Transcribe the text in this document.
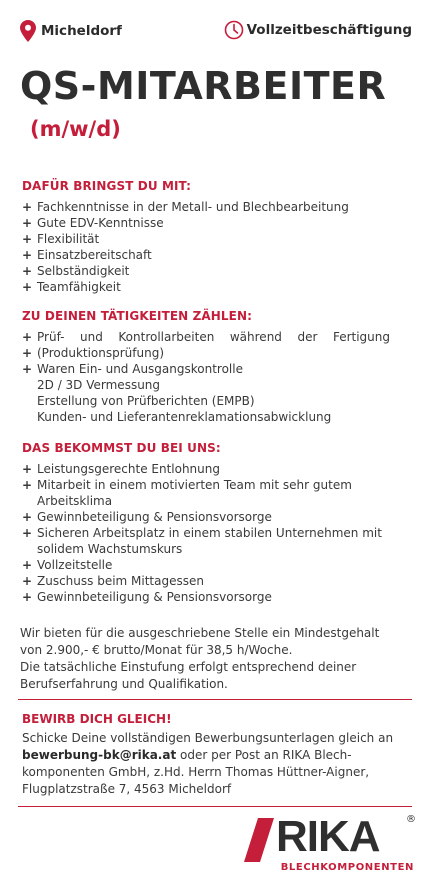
Micheldorf	Vollzeitbeschäftigung
QS-MITARBEITER
(m/w/d)
DAFÜR BRINGST DU MIT:
+ Fachkenntnisse in der Metall- und Blechbearbeitung
+ Gute EDV-Kenntnisse
+ Flexibilität
+ Einsatzbereitschaft
+ Selbständigkeit
+ Teamfähigkeit
ZU DEINEN TÄTIGKEITEN ZÄHLEN:
+ Prüf- und Kontrollarbeiten während der Fertigung
+ (Produktionsprüfung)
+ Waren Ein- und Ausgangskontrolle
2D / 3D Vermessung
Erstellung von Prüfberichten (EMPB)
Kunden- und Lieferantenreklamationsabwicklung
DAS BEKOMMST DU BEI UNS:
+ Leistungsgerechte Entlohnung
+ Mitarbeit in einem motivierten Team mit sehr gutem Arbeitsklima
+ Gewinnbeteiligung & Pensionsvorsorge
+ Sicheren Arbeitsplatz in einem stabilen Unternehmen mit solidem Wachstumskurs
+ Vollzeitstelle
+ Zuschuss beim Mittagessen
+ Gewinnbeteiligung & Pensionsvorsorge
Wir bieten für die ausgeschriebene Stelle ein Mindestgehalt
von 2.900,- € brutto/Monat für 38,5 h/Woche.
Die tatsächliche Einstufung erfolgt entsprechend deiner
Berufserfahrung und Qualifikation.
BEWIRB DICH GLEICH!
Schicke Deine vollständigen Bewerbungsunterlagen gleich an bewerbung-bk@rika.at oder per Post an RIKA Blech-komponenten GmbH, z.Hd. Herrn Thomas Hüttner-Aigner, Flugplatzstraße 7, 4563 Micheldorf
RIKA	®
BLECHKOMPONENTEN
